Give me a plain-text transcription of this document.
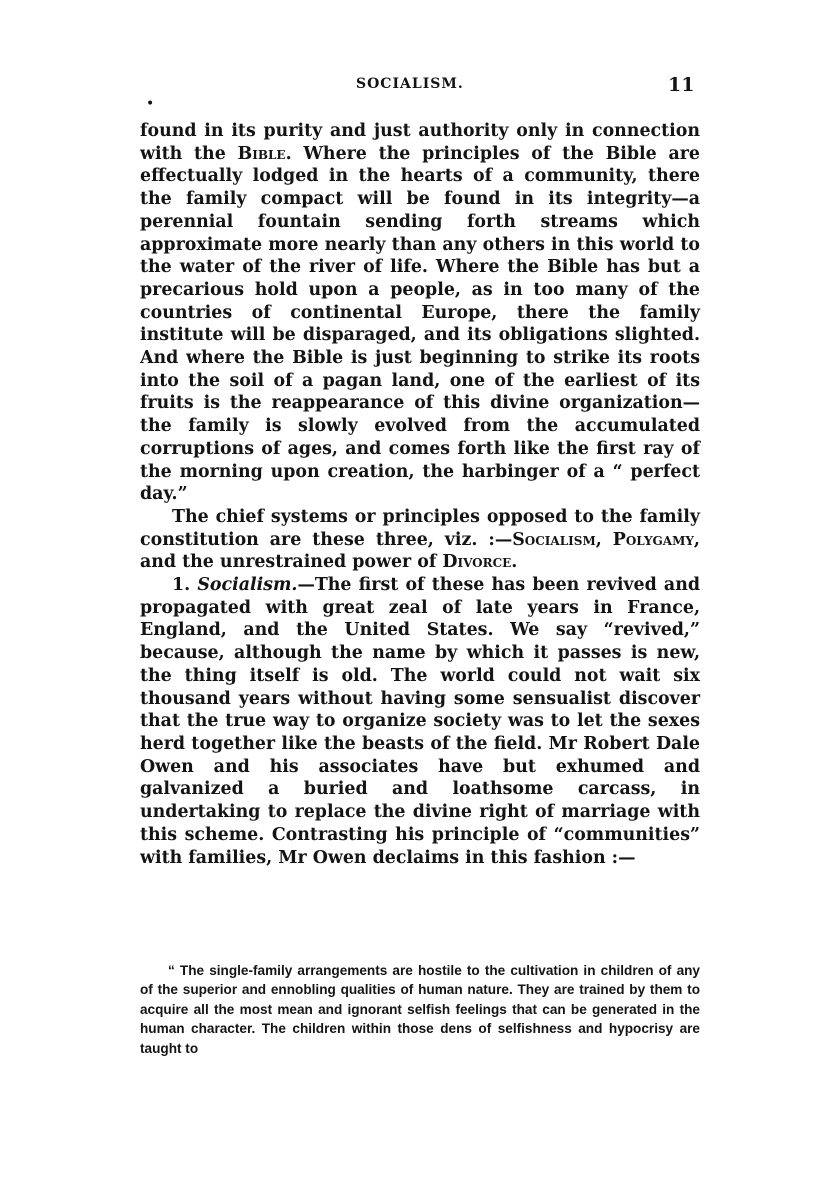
SOCIALISM.	11
•

found in its purity and just authority only in connection with the Bible. Where the principles of the Bible are effectually lodged in the hearts of a community, there the family compact will be found in its integrity—a perennial fountain sending forth streams which approximate more nearly than any others in this world to the water of the river of life. Where the Bible has but a precarious hold upon a people, as in too many of the countries of continental Europe, there the family institute will be disparaged, and its obligations slighted. And where the Bible is just beginning to strike its roots into the soil of a pagan land, one of the earliest of its fruits is the reappearance of this divine organization—the family is slowly evolved from the accumulated corruptions of ages, and comes forth like the first ray of the morning upon creation, the harbinger of a “ perfect day.”

The chief systems or principles opposed to the family constitution are these three, viz. :—Socialism, Polygamy, and the unrestrained power of Divorce.

1. Socialism.—The first of these has been revived and propagated with great zeal of late years in France, England, and the United States. We say “revived,” because, although the name by which it passes is new, the thing itself is old. The world could not wait six thousand years without having some sensualist discover that the true way to organize society was to let the sexes herd together like the beasts of the field. Mr Robert Dale Owen and his associates have but exhumed and galvanized a buried and loathsome carcass, in undertaking to replace the divine right of marriage with this scheme. Contrasting his principle of “communities” with families, Mr Owen declaims in this fashion :—

“ The single-family arrangements are hostile to the cultivation in children of any of the superior and ennobling qualities of human nature. They are trained by them to acquire all the most mean and ignorant selfish feelings that can be generated in the human character. The children within those dens of selfishness and hypocrisy are taught to
